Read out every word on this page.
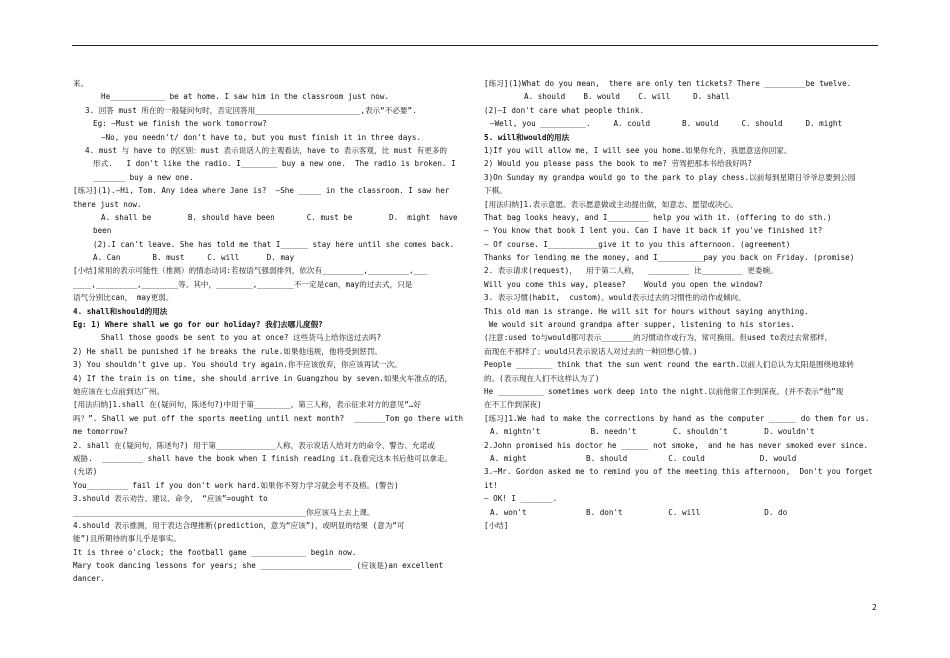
来。
He____________ be at home. I saw him in the classroom just now.
3. 回答 must 所在的一般疑问句时，否定回答用_______________________,表示“不必要”.
Eg: —Must we finish the work tomorrow?
—No, you needn't/ don't have to, but you must finish it in three days.
4. must 与 have to 的区别：must 表示说话人的主观看法，have to 表示客观，比 must 有更多的
形式.   I don't like the radio. I________ buy a new one.  The radio is broken. I
_______ buy a new one.
[练习](1).—Hi, Tom. Any idea where Jane is?  —She _____ in the classroom. I saw her
there just now.
A. shall be        B. should have been       C. must be        D.  might  have
been
(2).I can't leave. She has told me that I______ stay here until she comes back.
A. Can       B. must     C. will      D. may
[小结]常用的表示可能性（推测）的情态动词:若按语气强弱排列，依次有_________,_________,___
____,_________,________等。其中，________,________不一定是can，may的过去式，只是
语气分别比can， may更弱。
4. shall和should的用法
Eg: 1) Where shall we go for our holiday? 我们去哪儿度假?
Shall those goods be sent to you at once? 这些货马上给你送过去吗?
2) He shall be punished if he breaks the rule.如果他违规，他将受到惩罚。
3) You shouldn't give up. You should try again.你不应该放弃，你应该再试一次。
4) If the train is on time, she should arrive in Guangzhou by seven.如果火车准点的话，
她应该在七点前到达广州。
[用法归纳]1.shall 在(疑问句，陈述句?)中用于第________、第三人称，表示征求对方的意见“…好
吗？”. Shall we put off the sports meeting until next month?  _______Tom go there with
me tomorrow?
2. shall 在(疑问句，陈述句?) 用于第_____________人称，表示说话人给对方的命令、警告、允诺或
威胁.  _________ shall have the book when I finish reading it.我看完这本书后他可以拿走。
(允诺)
You_________ fail if you don't work hard.如果你不努力学习就会考不及格。(警告)
3.should 表示劝告、建议、命令， “应该”=ought to
___________________________________________________你应该马上去上课。
4.should 表示推测，用于表达合理推断(prediction，意为“应该”)，或明显的结果 (意为“可
能”)且所期待的事儿乎是事实。
It is three o'clock; the football game ____________ begin now.
Mary took dancing lessons for years; she ____________________ (应该是)an excellent
dancer.
[练习](1)What do you mean,  there are only ten tickets? There _________be twelve.
A. should    B. would    C. will     D. shall
(2)—I don't care what people think.
—Well, you __________.     A. could       B. would     C. should     D. might
5. will和would的用法
1)If you will allow me, I will see you home.如果你允许，我愿意送你回家。
2) Would you please pass the book to me? 劳驾把那本书给我好吗?
3)On Sunday my grandpa would go to the park to play chess.以前每到星期日爷爷总要到公园
下棋。
[用法归纳]1.表示意愿。表示愿意做或主动提出做，如意志、愿望或决心。
That bag looks heavy, and I_________ help you with it. (offering to do sth.)
— You know that book I lent you. Can I have it back if you've finished it?
— Of course. I___________give it to you this afternoon. (agreement)
Thanks for lending me the money, and I__________pay you back on Friday. (promise)
2. 表示请求(request)，  用于第二人称，  _________ 比_________ 更委婉。
Will you come this way, please?    Would you open the window?
3. 表示习惯(habit,  custom)。would表示过去的习惯性的动作或倾向。
This old man is strange. He will sit for hours without saying anything.
We would sit around grandpa after supper, listening to his stories.
(注意:used to与would都可表示_______的习惯动作或行为，常可换用。但used to表过去常那样，
而现在不那样了；would只表示说话人对过去的一种回想心情。)
People ________ think that the sun went round the earth.以前人们总认为太阳是围绕地球转
的。(表示现在人们不这样认为了)
He __________ sometimes work deep into the night.以前他常工作到深夜。(并不表示“他”现
在不工作到深夜)
[练习]1.We had to make the corrections by hand as the computer ______ do them for us.
A. mightn't           B. needn't        C. shouldn't        D. wouldn't
2.John promised his doctor he ______ not smoke,  and he has never smoked ever since.
A. might             B. should         C. could            D. would
3.—Mr. Gordon asked me to remind you of the meeting this afternoon,  Don't you forget
it!
— OK! I _______.
A. won't             B. don't          C. will              D. do
[小结]
2
